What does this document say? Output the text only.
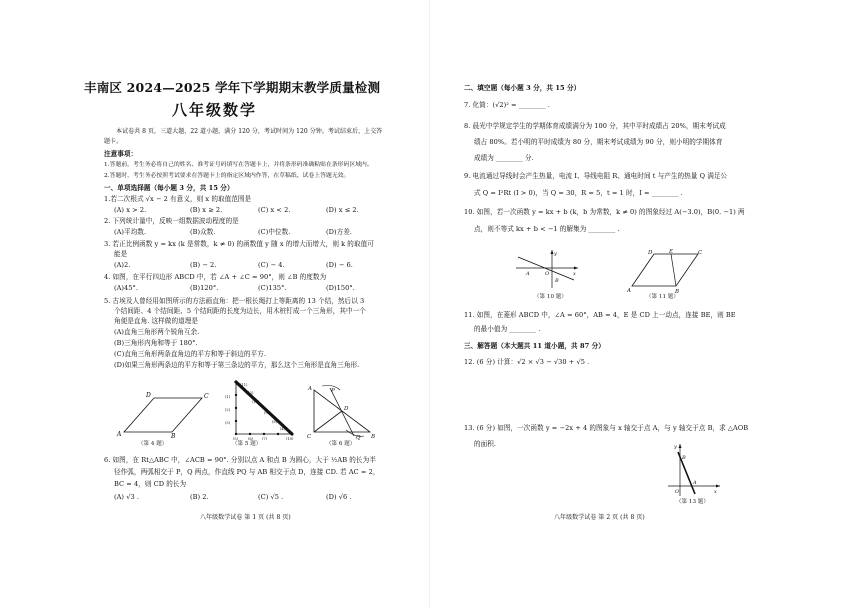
丰南区 2024—2025 学年下学期期末教学质量检测
八年级数学
本试卷共 8 页，三道大题，22 道小题，满分 120 分，考试时间为 120 分钟。考试结束后，上交答
题卡。
注意事项：
1.答题前，考生务必将自己的姓名、准考证号码填写在答题卡上，并将条形码准确粘贴在条形码区域内。
2.答题时，考生务必按照考试要求在答题卡上的指定区域内作答，在草稿纸、试卷上答题无效。
一、单项选择题（每小题 3 分，共 15 分）
1.若二次根式 √x − 2 有意义，则 x 的取值范围是
(A) x > 2.	(B) x ≥ 2.	(C) x < 2.	(D) x ≤ 2.
2. 下列统计量中，反映一组数据波动程度的是
(A)平均数.	(B)众数.	(C)中位数.	(D)方差.
3. 若正比例函数 y = kx (k 是常数，k ≠ 0) 的函数值 y 随 x 的增大而增大，则 k 的取值可
能是
(A)2.	(B) − 2.	(C) − 4.	(D) − 6.
4. 如图，在平行四边形 ABCD 中，若 ∠A + ∠C = 90°，则 ∠B 的度数为
(A)45°.	(B)120°.	(C)135°.	(D)150°.
5. 古埃及人曾经用如图所示的方法画直角：把一根长绳打上等距离的 13 个结，然后以 3
个结间距、4 个结间距、5 个结间距的长度为边长，用木桩钉成一个三角形，其中一个
角便是直角. 这样做的道理是
(A)直角三角形两个锐角互余.
(B)三角形内角和等于 180°.
(C)直角三角形两条直角边的平方和等于斜边的平方.
(D)如果三角形两条边的平方和等于第三条边的平方，那么这个三角形是直角三角形.
D	C
A	B
（第 4 题）
(11)
(12)
(13)
(9)
(8)
(1)
(2)
(3)
(5)	(6) (7)
(4)
(10)
（第 5 题）
A
C
D
B
P
Q
（第 6 题）
6. 如图，在 Rt△ABC 中，∠ACB = 90°. 分别以点 A 和点 B 为圆心，大于 ½AB 的长为半
径作弧，两弧相交于 P，Q 两点，作直线 PQ 与 AB 相交于点 D，连接 CD. 若 AC = 2，
BC = 4，则 CD 的长为
(A) √3 .	(B) 2.	(C) √5 .	(D) √6 .
八年级数学试卷 第 1 页 (共 8 页)
二、填空题（每小题 3 分，共 15 分）
7. 化简：(√2)² = ________ .
8. 晨光中学规定学生的学期体育成绩满分为 100 分，其中平时成绩占 20%，期末考试成
绩占 80%。若小明的平时成绩为 80 分，期末考试成绩为 90 分，则小明的学期体育
成绩为 ________ 分.
9. 电流通过导线时会产生热量，电流 I、导线电阻 R、通电时间 t 与产生的热量 Q 满足公
式 Q = I²Rt (I > 0)，当 Q = 30，R = 5，t = 1 时，I = ________ .
10. 如图，若一次函数 y = kx + b (k，b 为常数，k ≠ 0) 的图象经过 A(−3.0)，B(0. −1) 两
点，则不等式 kx + b < −1 的解集为 ________ .
y
A	O
B
x
（第 10 题）
D	E	C
A	B
（第 11 题）
11. 如图，在菱形 ABCD 中，∠A = 60°，AB = 4，E 是 CD 上一动点，连接 BE，则 BE
的最小值为 ________ .
三、解答题（本大题共 11 道小题，共 87 分）
12. (6 分) 计算：√2 × √3 − √30 + √5 .
13. (6 分) 如图，一次函数 y = −2x + 4 的图象与 x 轴交于点 A，与 y 轴交于点 B，求 △AOB
的面积.	y
B
O
A
x
（第 13 题）
八年级数学试卷 第 2 页 (共 8 页)
